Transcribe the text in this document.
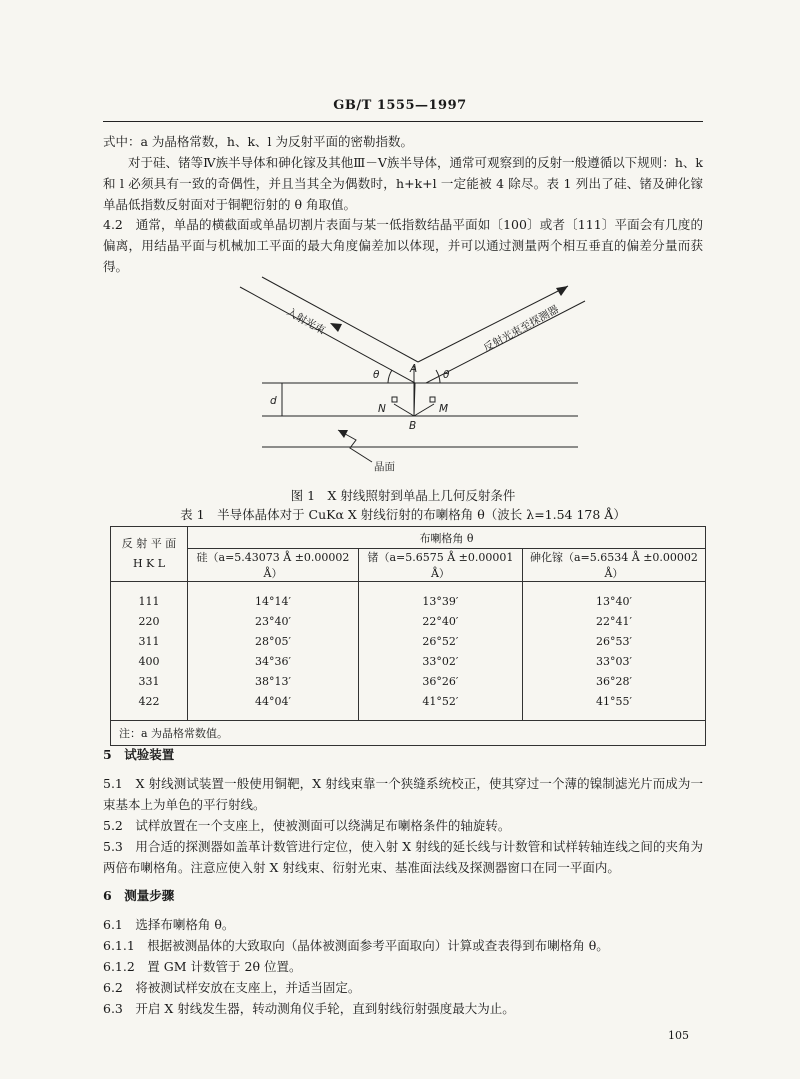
GB/T 1555—1997
式中：a 为晶格常数，h、k、l 为反射平面的密勒指数。
对于硅、锗等Ⅳ族半导体和砷化镓及其他Ⅲ－Ⅴ族半导体，通常可观察到的反射一般遵循以下规则：h、k 和 l 必须具有一致的奇偶性，并且当其全为偶数时，h+k+l 一定能被 4 除尽。表 1 列出了硅、锗及砷化镓单晶低指数反射面对于铜靶衍射的 θ 角取值。
4.2　通常，单晶的横截面或单晶切割片表面与某一低指数结晶平面如〔100〕或者〔111〕平面会有几度的偏离，用结晶平面与机械加工平面的最大角度偏差加以体现，并可以通过测量两个相互垂直的偏差分量而获得。
入射光束	反射光束至探测器
θ	θ
A
B
N	M
d
晶面
图 1　X 射线照射到单晶上几何反射条件
表 1　半导体晶体对于 CuKα X 射线衍射的布喇格角 θ（波长 λ=1.54 178 Å）
反 射 平 面
H K L	布喇格角 θ		
	硅（a=5.43073 Å ±0.00002 Å）	锗（a=5.6575 Å ±0.00001 Å）	砷化镓（a=5.6534 Å ±0.00002 Å）

111	14°14′	13°39′	13°40′
220	23°40′	22°40′	22°41′
311	28°05′	26°52′	26°53′
400	34°36′	33°02′	33°03′
331	38°13′	36°26′	36°28′
422	44°04′	41°52′	41°55′

注：a 为晶格常数值。			
5　试验装置
5.1　X 射线测试装置一般使用铜靶，X 射线束靠一个狭缝系统校正，使其穿过一个薄的镍制滤光片而成为一束基本上为单色的平行射线。
5.2　试样放置在一个支座上，使被测面可以绕满足布喇格条件的轴旋转。
5.3　用合适的探测器如盖革计数管进行定位，使入射 X 射线的延长线与计数管和试样转轴连线之间的夹角为两倍布喇格角。注意应使入射 X 射线束、衍射光束、基准面法线及探测器窗口在同一平面内。
6　测量步骤
6.1　选择布喇格角 θ。
6.1.1　根据被测晶体的大致取向（晶体被测面参考平面取向）计算或查表得到布喇格角 θ。
6.1.2　置 GM 计数管于 2θ 位置。
6.2　将被测试样安放在支座上，并适当固定。
6.3　开启 X 射线发生器，转动测角仪手轮，直到射线衍射强度最大为止。
105
